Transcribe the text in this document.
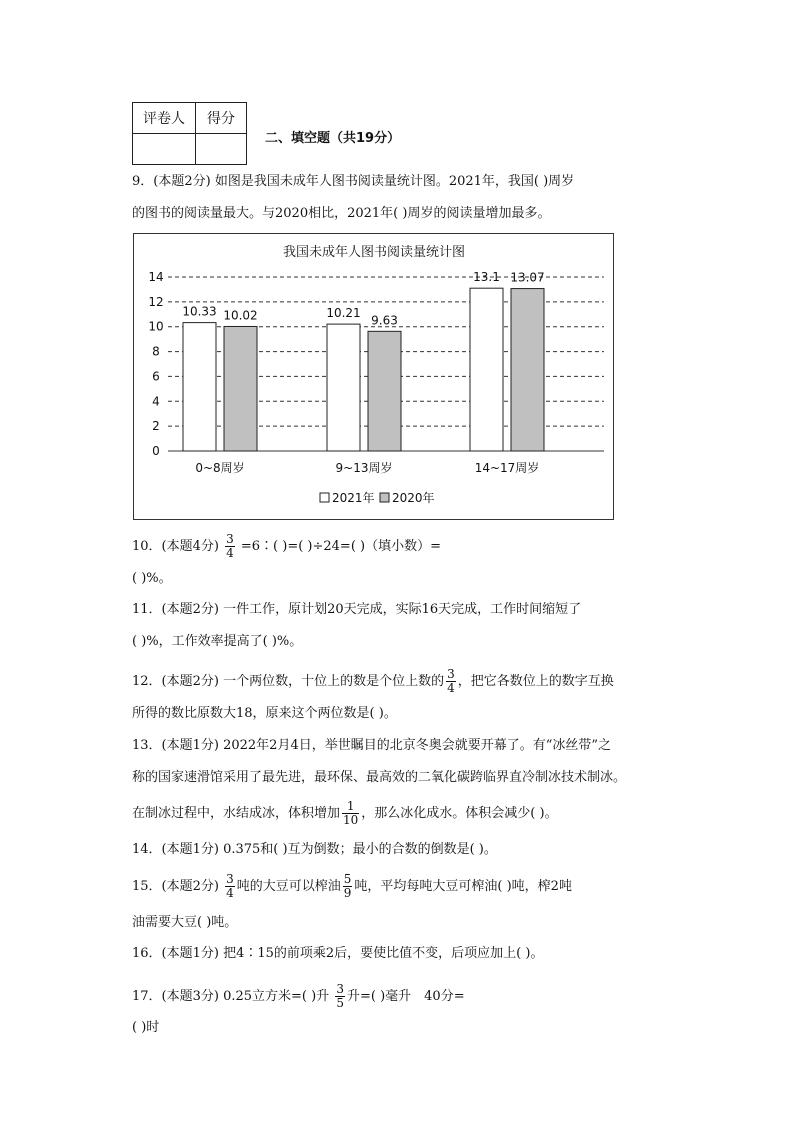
评卷人	得分

二、填空题（共19分）
9．(本题2分) 如图是我国未成年人图书阅读量统计图。2021年，我国( )周岁
的图书的阅读量最大。与2020相比，2021年( )周岁的阅读量增加最多。
我国未成年人图书阅读量统计图
0
2
4
6
8
10
12
14
10.33 10.02
0~8周岁
10.21
9.63
9~13周岁
13.1 13.07
14~17周岁
2021年 2020年
10．(本题4分) $\frac{3}{4}$ =6∶( )=( )÷24=( )（填小数）=
( )%。
11．(本题2分) 一件工作，原计划20天完成，实际16天完成，工作时间缩短了
( )%，工作效率提高了( )%。
12．(本题2分) 一个两位数，十位上的数是个位上数的 $\frac{3}{4}$ ，把它各数位上的数字互换
所得的数比原数大18，原来这个两位数是( )。
13．(本题1分) 2022年2月4日，举世瞩目的北京冬奥会就要开幕了。有“冰丝带”之
称的国家速滑馆采用了最先进，最环保、最高效的二氧化碳跨临界直冷制冰技术制冰。
在制冰过程中，水结成冰，体积增加 $\frac{1}{10}$ ，那么冰化成水。体积会减少( )。
14．(本题1分) 0.375和( )互为倒数；最小的合数的倒数是( )。
15．(本题2分) $\frac{3}{4}$ 吨的大豆可以榨油 $\frac{5}{9}$ 吨，平均每吨大豆可榨油( )吨，榨2吨
油需要大豆( )吨。
16．(本题1分) 把4∶15的前项乘2后，要使比值不变，后项应加上( )。
17．(本题3分) 0.25立方米=( )升 $\frac{3}{5}$ 升=( )毫升　40分=
( )时
